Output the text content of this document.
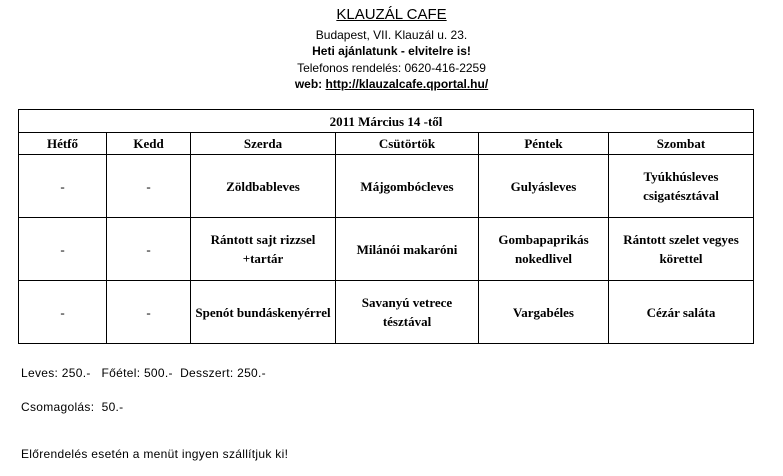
KLAUZÁL CAFE
Budapest, VII. Klauzál u. 23.
Heti ajánlatunk - elvitelre is!
Telefonos rendelés: 0620-416-2259
web: http://klauzalcafe.qportal.hu/
2011 Március 14 -től					
Hétfő	Kedd	Szerda	Csütörtök	Péntek	Szombat
-	-	Zöldbableves	Májgombócleves	Gulyásleves	Tyúkhúsleves csigatésztával
-	-	Rántott sajt rizzsel +tartár	Milánói makaróni	Gombapaprikás nokedlivel	Rántott szelet vegyes körettel
-	-	Spenót bundáskenyérrel	Savanyú vetrece tésztával	Vargabéles	Cézár saláta
Leves: 250.-   Főétel: 500.-  Desszert: 250.-
Csomagolás:  50.-
Előrendelés esetén a menüt ingyen szállítjuk ki!
